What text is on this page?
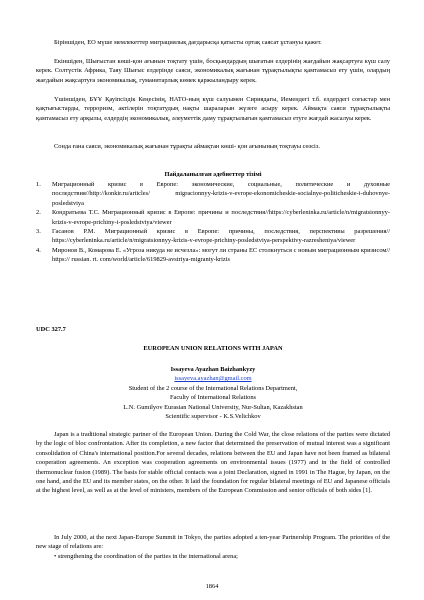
Біріншіден, ЕО мүше мемлекеттер миграциялық дағдарысқа қатысты ортақ саясат ұстануы қажет.
Екіншіден, Шығыстан көші-қон ағынын тоқтату үшін, босқындардың шығатын елдерінің жағдайын жақсартуға күш салу керек. Солтүстік Африка, Таяу Шығыс елдерінде саяси, экономикалық жағынан тұрақтылықты қамтамасыз ету үшін, олардың жағдайын жақсартуға экономикалық, гуманитарлық көмек қаржыландыру керек.
Үшіншіден, БҰҰ Қауіпсіздік Кеңесінің, НАТО-ның күш салуымен Сириядағы, Иемендегі т.б. елдердегі соғыстар мен қақтығыстарды, терроризм, актілерін тоқтатудың нақты шараларын жүзеге асыру керек. Аймақта саяси тұрақтылықты қамтамасыз ету арқылы, елдердің экономикалық, әлеуметтік даму тұрақтылығын қамтамасыз етуге жағдай жасалуы керек.
Сонда ғана саяси, экономикалық жағынан тұрақты аймақтан көші- қон ағынының тоқтауы сөзсіз.
Пайдаланылған әдебиеттер тізімі
1.	Миграционный кризис в Европе: экономические, социальные, политические и духовные последствия//http://konkir.ru/articles/ migracionnyy-krizis-v-evrope-ekonomicheskie-socialnye-politicheskie-i-duhovnye-posledstviya
2.	Кондратьева Т.С. Миграционный кризис в Европе: причины и последствия//https://cyberleninka.ru/article/n/migratsionnyy-krizis-v-evrope-prichiny-i-posledstviya/viewer
3.	Гасанов Р.М. Миграционный кризис в Европе: причины, последствия, перспективы разрешения// https://cyberleninka.ru/article/n/migratsionnyy-krizis-v-evrope-prichiny-posledstviya-perspektivy-razresheniya/viewer
4.	Миронов В., Комарова Е. «Угроза никуда не исчезла»: могут ли страны ЕС столкнуться с новым миграционным кризисом// https:// russian. rt. com/world/article/619829-avstriya-migranty-krizis
UDC 327.7
EUROPEAN UNION RELATIONS WITH JAPAN
Issayeva Ayazhan Baizhankyzy
issayeva.ayazhan@gmail.com
Student of the 2 course of the International Relations Department,
Faculty of International Relations
L.N. Gumilyov Eurasian National University, Nur-Sultan, Kazakhstan
Scientific supervisor - K.S.Velichkov
Japan is a traditional strategic partner of the European Union. During the Cold War, the close relations of the parties were dictated by the logic of bloc confrontation. After its completion, a new factor that determined the preservation of mutual interest was a significant consolidation of China's international position.For several decades, relations between the EU and Japan have not been framed as bilateral cooperation agreements. An exception was cooperation agreements on environmental issues (1977) and in the field of controlled thermonuclear fusion (1989). The basis for stable official contacts was a joint Declaration, signed in 1991 in The Hague, by Japan, on the one hand, and the EU and its member states, on the other. It laid the foundation for regular bilateral meetings of EU and Japanese officials at the highest level, as well as at the level of ministers, members of the European Commission and senior officials of both sides [1].
In July 2000, at the next Japan-Europe Summit in Tokyo, the parties adopted a ten-year Partnership Program. The priorities of the new stage of relations are:
• strengthening the coordination of the parties in the international arena;
1864
